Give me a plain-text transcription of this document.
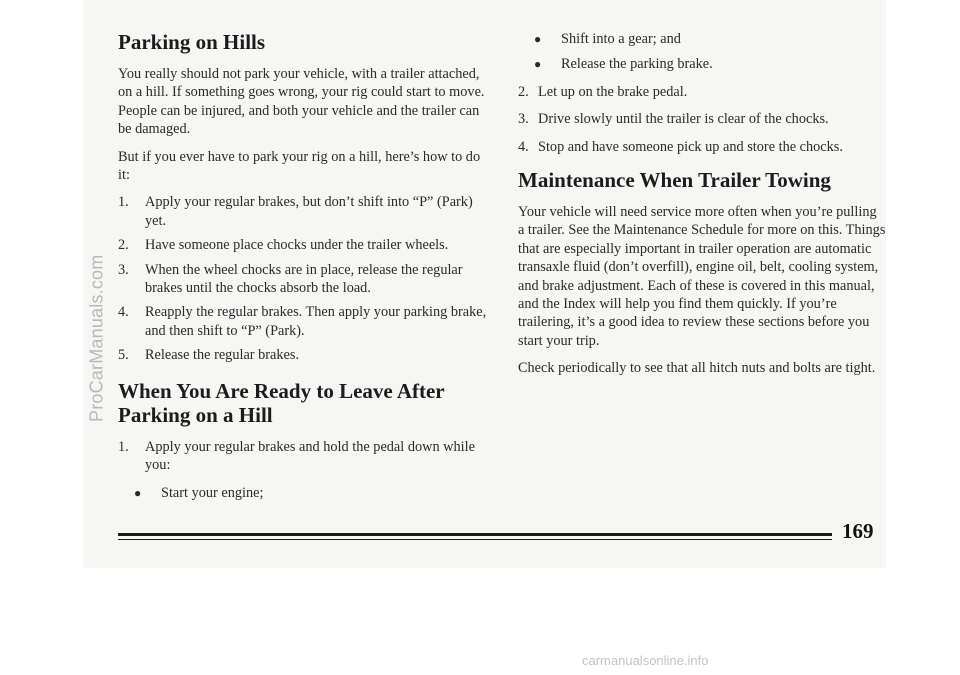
ProCarManuals.com
Parking on Hills

You really should not park your vehicle, with a trailer attached, on a hill. If something goes wrong, your rig could start to move. People can be injured, and both your vehicle and the trailer can be damaged.

But if you ever have to park your rig on a hill, here’s how to do it:

1. Apply your regular brakes, but don’t shift into “P” (Park) yet.
2. Have someone place chocks under the trailer wheels.
3. When the wheel chocks are in place, release the regular brakes until the chocks absorb the load.
4. Reapply the regular brakes. Then apply your parking brake, and then shift to “P” (Park).
5. Release the regular brakes.
When You Are Ready to Leave After Parking on a Hill
1. Apply your regular brakes and hold the pedal down while you:
● Start your engine;
● Shift into a gear; and
● Release the parking brake.
2. Let up on the brake pedal.
3. Drive slowly until the trailer is clear of the chocks.
4. Stop and have someone pick up and store the chocks.
Maintenance When Trailer Towing

Your vehicle will need service more often when you’re pulling a trailer. See the Maintenance Schedule for more on this. Things that are especially important in trailer operation are automatic transaxle fluid (don’t overfill), engine oil, belt, cooling system, and brake adjustment. Each of these is covered in this manual, and the Index will help you find them quickly. If you’re trailering, it’s a good idea to review these sections before you start your trip.

Check periodically to see that all hitch nuts and bolts are tight.

169
carmanualsonline.info
